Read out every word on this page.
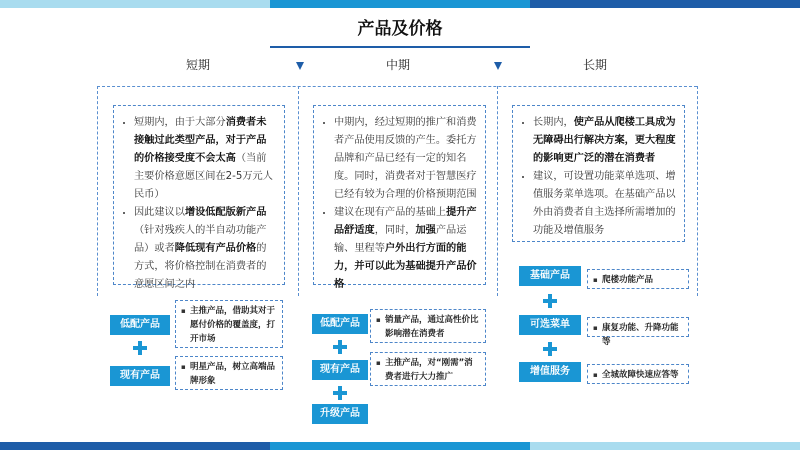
产品及价格
短期	中期	长期
• 短期内，由于大部分消费者未接触过此类型产品，对于产品的价格接受度不会太高（当前主要价格意愿区间在2-5万元人民币）
• 因此建议以增设低配版新产品（针对残疾人的半自动功能产品）或者降低现有产品价格的方式，将价格控制在消费者的意愿区间之内
低配产品
现有产品
▪ 主推产品，借助其对于愿付价格的覆盖度，打开市场
▪ 明星产品，树立高端品牌形象
• 中期内，经过短期的推广和消费者产品使用反馈的产生。委托方品牌和产品已经有一定的知名度。同时，消费者对于智慧医疗已经有较为合理的价格预期范围
• 建议在现有产品的基础上提升产品舒适度，同时，加强产品运输、里程等户外出行方面的能力，并可以此为基础提升产品价格
低配产品
现有产品
升级产品
▪ 销量产品，通过高性价比影响潜在消费者
▪ 主推产品，对“刚需”消费者进行大力推广
• 长期内，使产品从爬楼工具成为无障碍出行解决方案，更大程度的影响更广泛的潜在消费者
• 建议，可设置功能菜单选项、增值服务菜单选项。在基础产品以外由消费者自主选择所需增加的功能及增值服务
基础产品
可选菜单
增值服务
▪ 爬楼功能产品
▪ 康复功能、升降功能等
▪ 全城故障快速应答等
